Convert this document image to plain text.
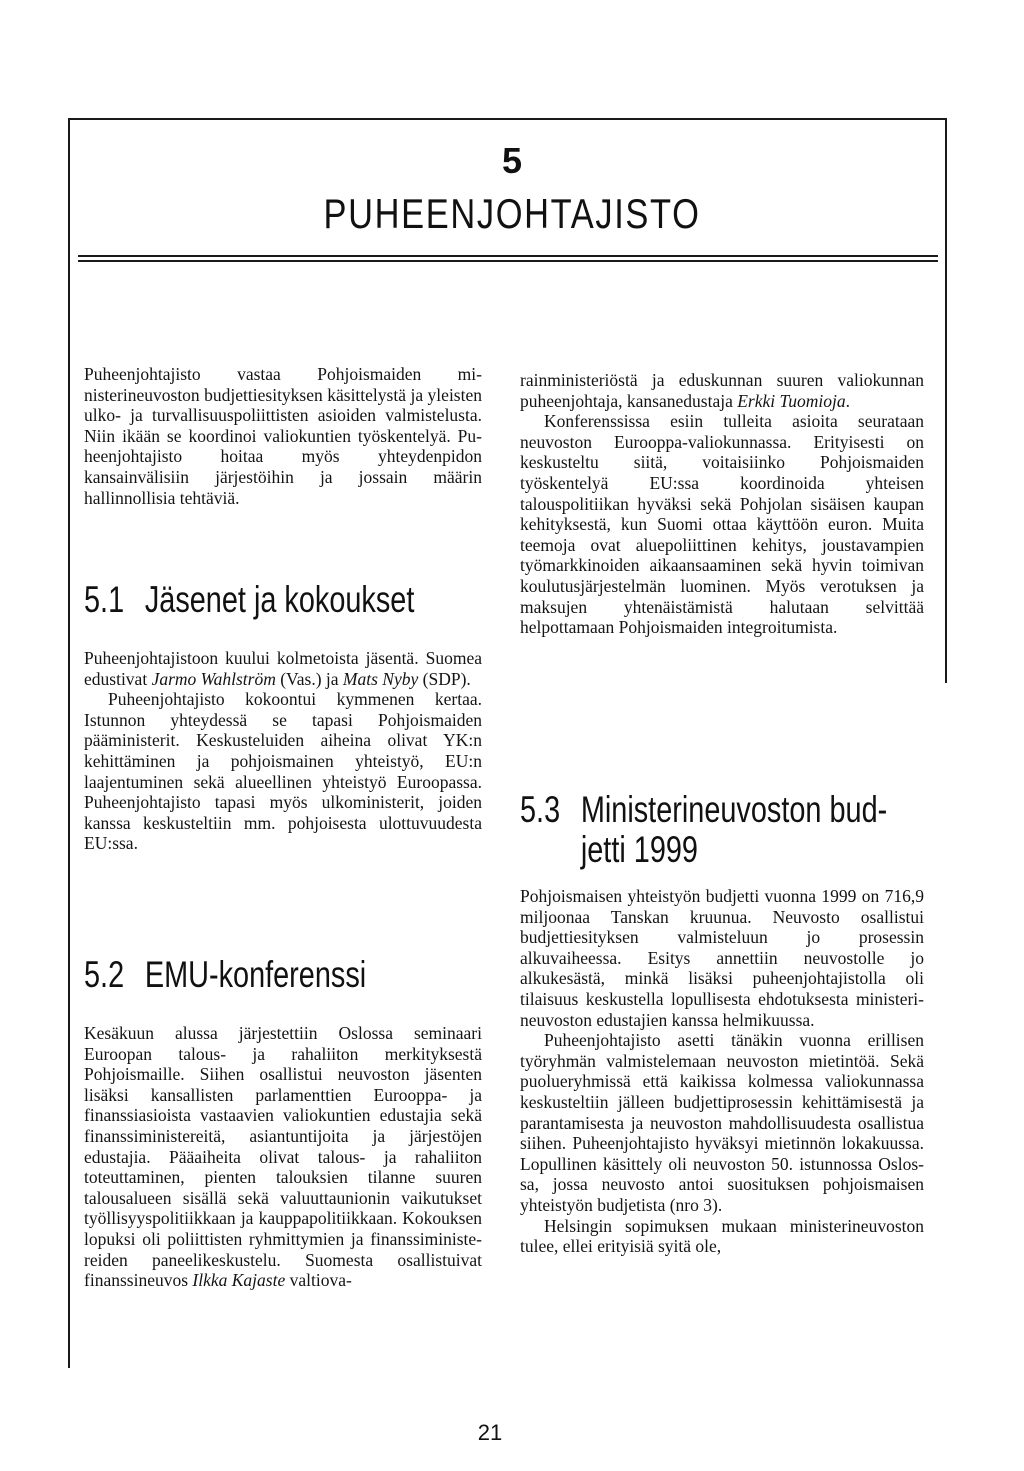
5
PUHEENJOHTAJISTO

Puheenjohtajisto vastaa Pohjoismaiden ministerineuvoston budjettiesityksen käsittelystä ja yleisten ulko- ja turvallisuuspoliittisten asioiden valmistelusta. Niin ikään se koordinoi valiokuntien työskentelyä. Puheenjohtajisto hoitaa myös yhteydenpidon kansainvälisiin järjestöihin ja jossain määrin hallinnollisia tehtäviä.

5.1 Jäsenet ja kokoukset

Puheenjohtajistoon kuului kolmetoista jäsentä. Suomea edustivat Jarmo Wahlström (Vas.) ja Mats Nyby (SDP).

Puheenjohtajisto kokoontui kymmenen kertaa. Istunnon yhteydessä se tapasi Pohjoismaiden pääministerit. Keskusteluiden aiheina olivat YK:n kehittäminen ja pohjoismainen yhteistyö, EU:n laajentuminen sekä alueellinen yhteistyö Euroopassa. Puheenjohtajisto tapasi myös ulkoministerit, joiden kanssa keskusteltiin mm. pohjoisesta ulottuvuudesta EU:ssa.

5.2 EMU-konferenssi

Kesäkuun alussa järjestettiin Oslossa seminaari Euroopan talous- ja rahaliiton merkityksestä Pohjoismaille. Siihen osallistui neuvoston jäsenten lisäksi kansallisten parlamenttien Eurooppa- ja finanssiasioista vastaavien valiokuntien edustajia sekä finanssiministereitä, asiantuntijoita ja järjestöjen edustajia. Pääaiheita olivat talous- ja rahaliiton toteuttaminen, pienten talouksien tilanne suuren talousalueen sisällä sekä valuuttaunionin vaikutukset työllisyyspolitiikkaan ja kauppapolitiikkaan. Kokouksen lopuksi oli poliittisten ryhmittymien ja finanssiministereiden paneelikeskustelu. Suomesta osallistuivat finanssineuvos Ilkka Kajaste valtiova-

rainministeriöstä ja eduskunnan suuren valiokunnan puheenjohtaja, kansanedustaja Erkki Tuomioja.

Konferenssissa esiin tulleita asioita seurataan neuvoston Eurooppa-valiokunnassa. Erityisesti on keskusteltu siitä, voitaisiinko Pohjoismaiden työskentelyä EU:ssa koordinoida yhteisen talouspolitiikan hyväksi sekä Pohjolan sisäisen kaupan kehityksestä, kun Suomi ottaa käyttöön euron. Muita teemoja ovat aluepoliittinen kehitys, joustavampien työmarkkinoiden aikaansaaminen sekä hyvin toimivan koulutusjärjestelmän luominen. Myös verotuksen ja maksujen yhtenäistämistä halutaan selvittää helpottamaan Pohjoismaiden integroitumista.

5.3 Ministerineuvoston bud-
jetti 1999

Pohjoismaisen yhteistyön budjetti vuonna 1999 on 716,9 miljoonaa Tanskan kruunua. Neuvosto osallistui budjettiesityksen valmisteluun jo prosessin alkuvaiheessa. Esitys annettiin neuvostolle jo alkukesästä, minkä lisäksi puheenjohtajistolla oli tilaisuus keskustella lopullisesta ehdotuksesta ministerineuvoston edustajien kanssa helmikuussa.

Puheenjohtajisto asetti tänäkin vuonna erillisen työryhmän valmistelemaan neuvoston mietintöä. Sekä puolueryhmissä että kaikissa kolmessa valiokunnassa keskusteltiin jälleen budjettiprosessin kehittämisestä ja parantamisesta ja neuvoston mahdollisuudesta osallistua siihen. Puheenjohtajisto hyväksyi mietinnön lokakuussa. Lopullinen käsittely oli neuvoston 50. istunnossa Oslossa, jossa neuvosto antoi suosituksen pohjoismaisen yhteistyön budjetista (nro 3).

Helsingin sopimuksen mukaan ministerineuvoston tulee, ellei erityisiä syitä ole,

21
